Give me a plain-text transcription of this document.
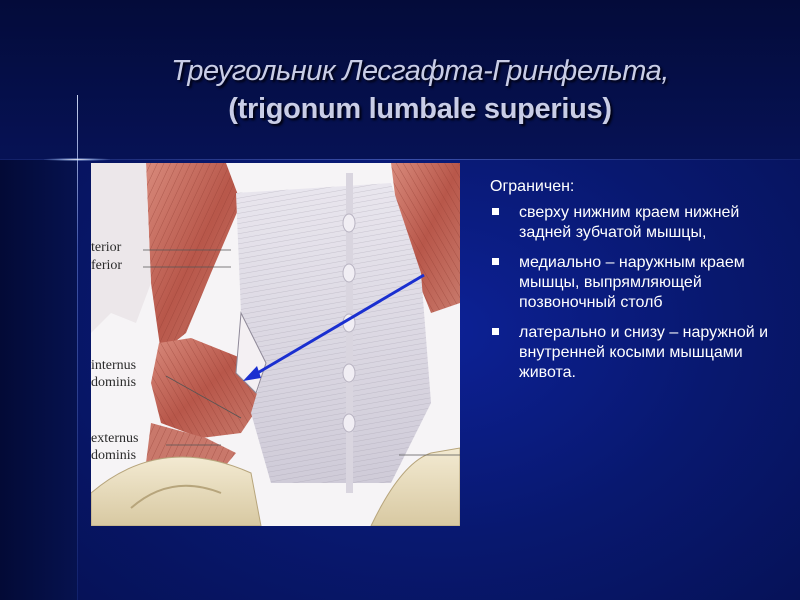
Треугольник Лесгафта-Гринфельта,
(trigonum lumbale superius)
terior
ferior
internus
dominis
externus
dominis
Ограничен:
сверху нижним краем нижней задней зубчатой мышцы,
медиально – наружным краем мышцы, выпрямляющей позвоночный столб
латерально и снизу – наружной и внутренней косыми мышцами живота.
